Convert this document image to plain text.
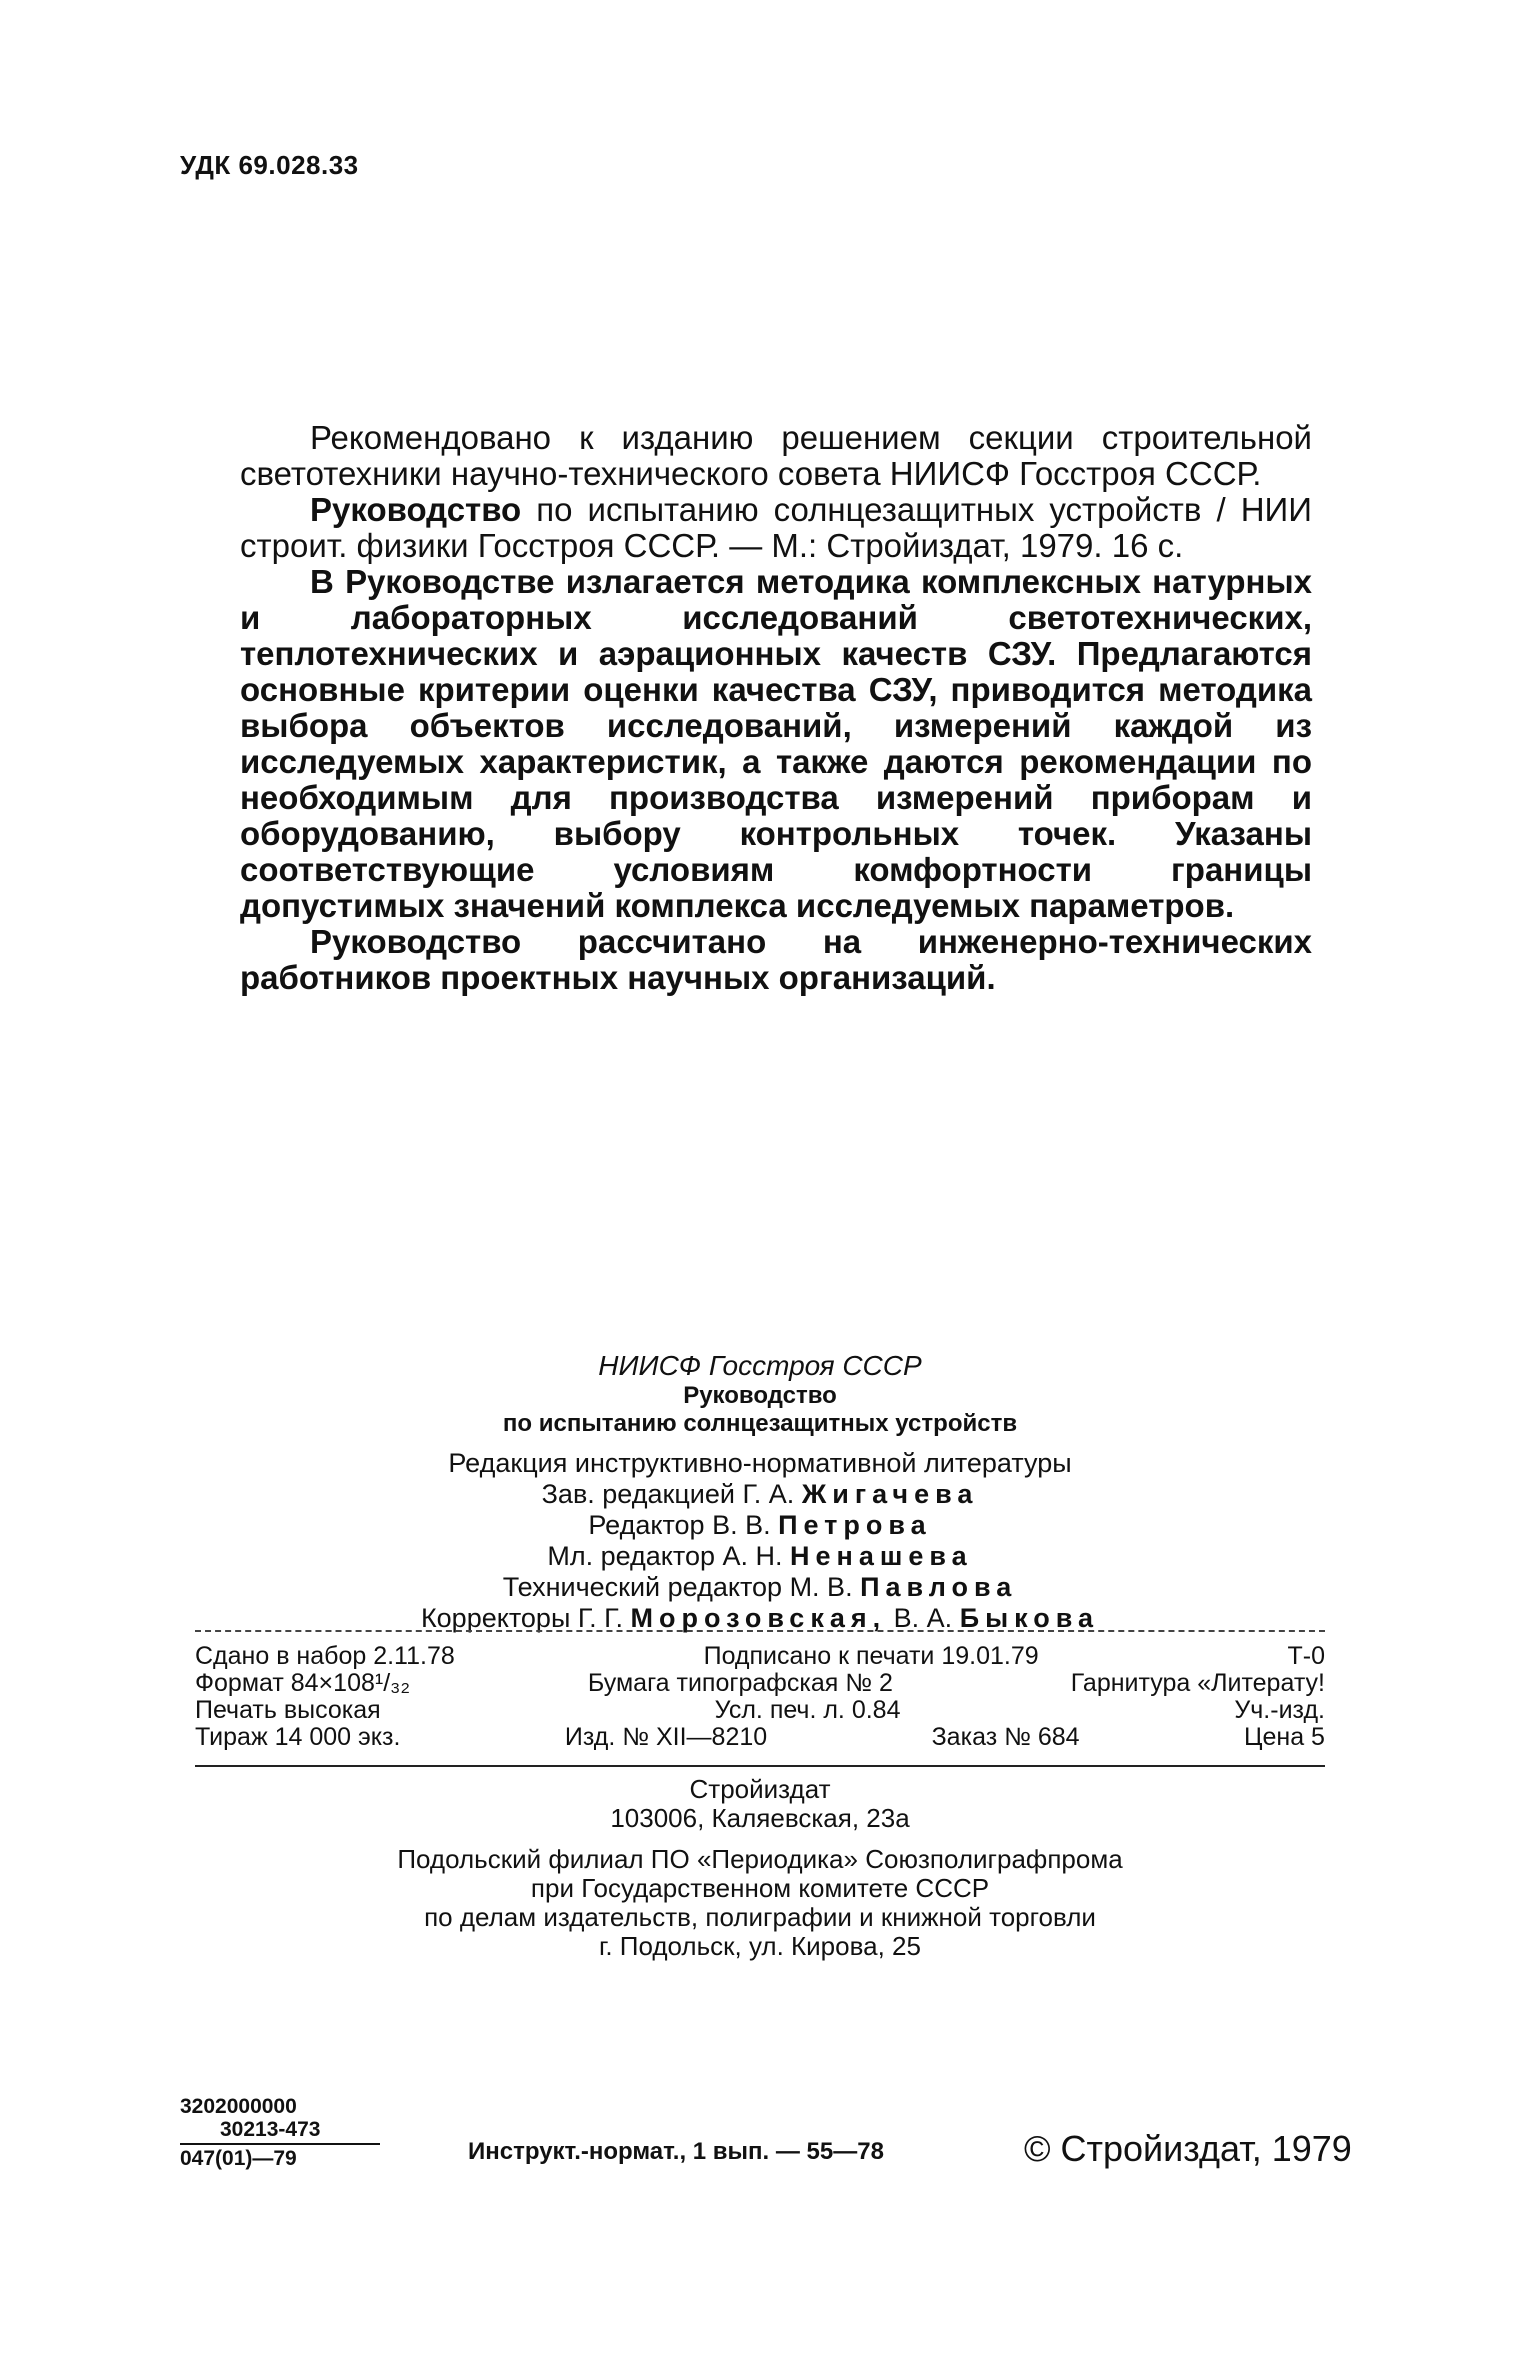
УДК 69.028.33

Рекомендовано к изданию решением секции строительной светотехники научно-технического совета НИИСФ Госстроя СССР.

Руководство по испытанию солнцезащитных устройств / НИИ строит. физики Госстроя СССР. — М.: Стройиздат, 1979. 16 с.

В Руководстве излагается методика комплексных натурных и лабораторных исследований светотехнических, теплотехнических и аэрационных качеств СЗУ. Предлагаются основные критерии оценки качества СЗУ, приводится методика выбора объектов исследований, измерений каждой из исследуемых характеристик, а также даются рекомендации по необходимым для производства измерений приборам и оборудованию, выбору контрольных точек. Указаны соответствующие условиям комфортности границы допустимых значений комплекса исследуемых параметров.

Руководство рассчитано на инженерно-технических работников проектных научных организаций.

НИИСФ Госстроя СССР
Руководство
по испытанию солнцезащитных устройств
Редакция инструктивно-нормативной литературы
Зав. редакцией Г. А. Жигачева
Редактор В. В. Петрова
Мл. редактор А. Н. Ненашева
Технический редактор М. В. Павлова
Корректоры Г. Г. Морозовская, В. А. Быкова
Сдано в набор 2.11.78	Подписано к печати 19.01.79	Т-0
Формат 84×108¹/₃₂	Бумага типографская № 2	Гарнитура «Литерату!
Печать высокая	Усл. печ. л. 0.84	Уч.-изд.
Тираж 14 000 экз.	Изд. № XII—8210	Заказ № 684	Цена 5
Стройиздат
103006, Каляевская, 23а
Подольский филиал ПО «Периодика» Союзполиграфпрома
при Государственном комитете СССР
по делам издательств, полиграфии и книжной торговли
г. Подольск, ул. Кирова, 25
3202000000
30213-473
047(01)—79	Инструкт.-нормат., 1 вып. — 55—78	© Стройиздат, 1979
